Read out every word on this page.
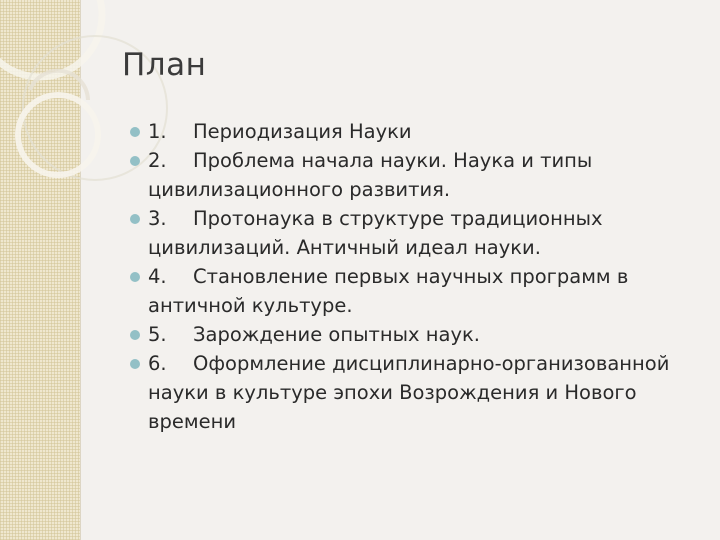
План
1. Периодизация Науки
2. Проблема начала науки. Наука и типы цивилизационного развития.
3. Протонаука в структуре традиционных цивилизаций. Античный идеал науки.
4. Становление первых научных программ в античной культуре.
5. Зарождение опытных наук.
6. Оформление дисциплинарно-организованной науки в культуре эпохи Возрождения и Нового времени
